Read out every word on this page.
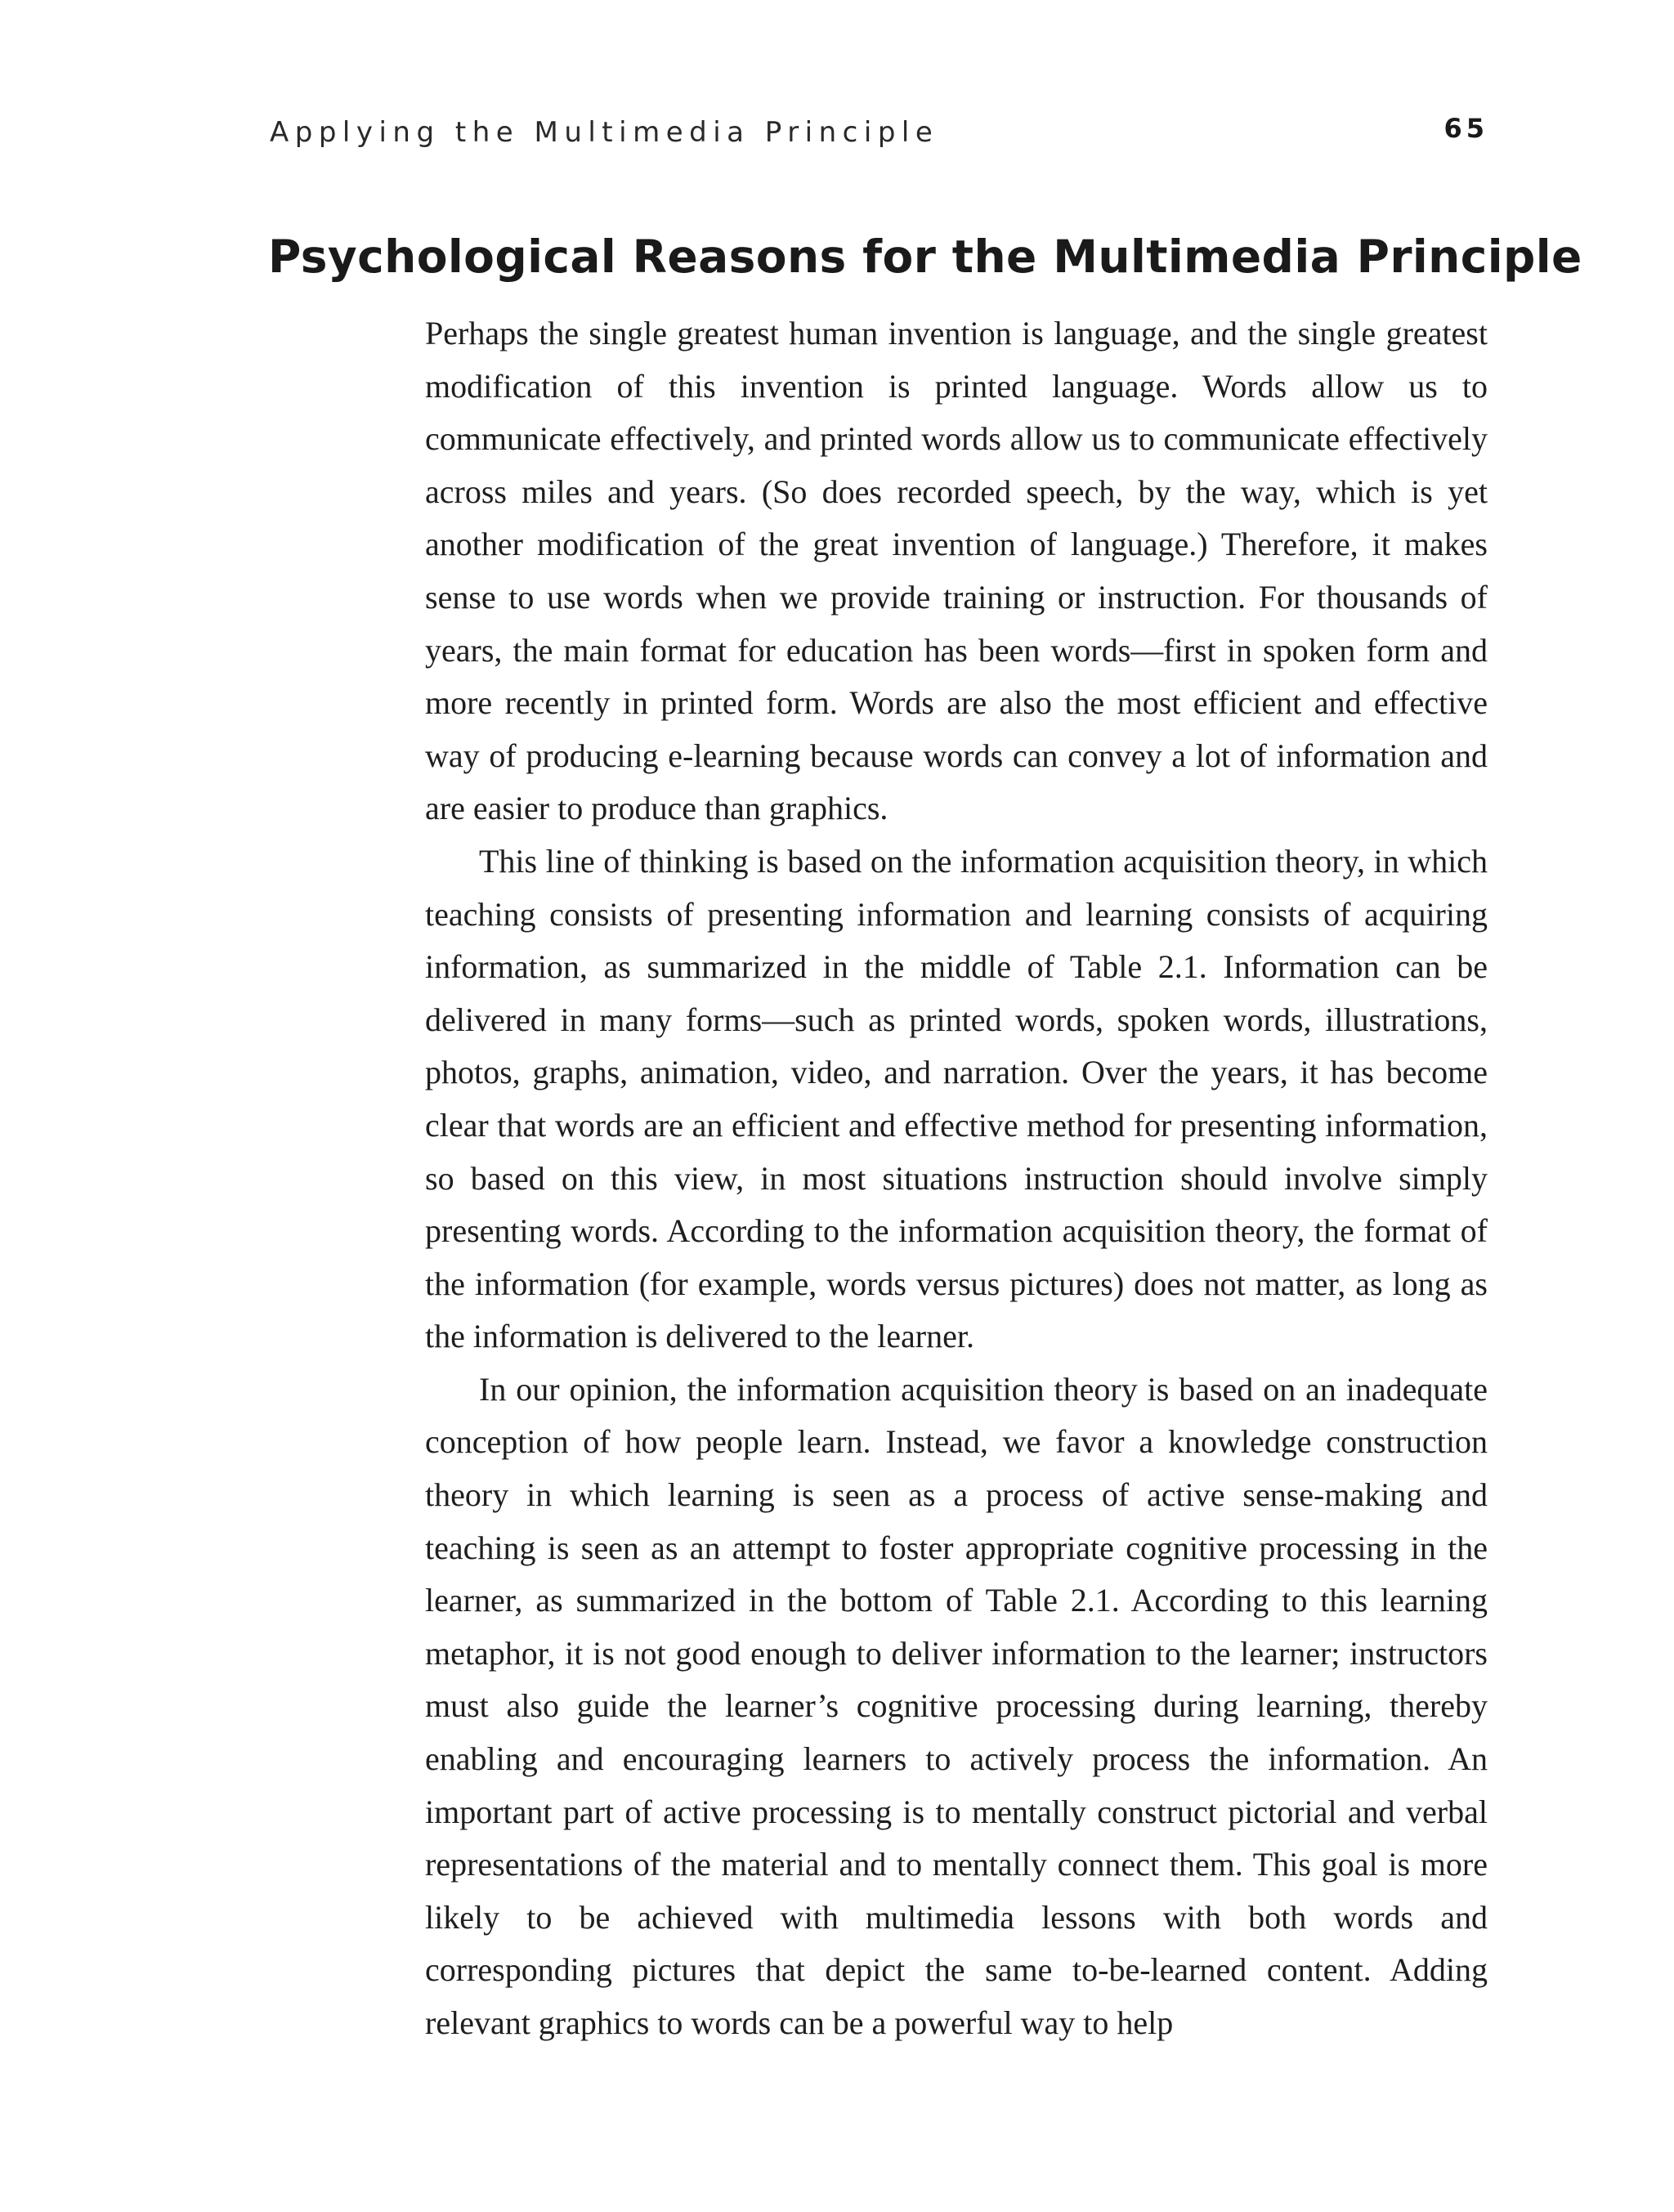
Applying the Multimedia Principle	65
Psychological Reasons for the Multimedia Principle

Perhaps the single greatest human invention is language, and the single greatest modification of this invention is printed language. Words allow us to communicate effectively, and printed words allow us to communicate effectively across miles and years. (So does recorded speech, by the way, which is yet another modification of the great invention of language.) Therefore, it makes sense to use words when we provide training or instruction. For thousands of years, the main format for education has been words—first in spoken form and more recently in printed form. Words are also the most efficient and effective way of producing e-learning because words can convey a lot of information and are easier to produce than graphics.

This line of thinking is based on the information acquisition theory, in which teaching consists of presenting information and learning consists of acquiring information, as summarized in the middle of Table 2.1. Information can be delivered in many forms—such as printed words, spoken words, illustrations, photos, graphs, animation, video, and narration. Over the years, it has become clear that words are an efficient and effective method for presenting information, so based on this view, in most situations instruction should involve simply presenting words. According to the information acquisition theory, the format of the information (for example, words versus pictures) does not matter, as long as the information is delivered to the learner.

In our opinion, the information acquisition theory is based on an inadequate conception of how people learn. Instead, we favor a knowledge construction theory in which learning is seen as a process of active sense-making and teaching is seen as an attempt to foster appropriate cognitive processing in the learner, as summarized in the bottom of Table 2.1. According to this learning metaphor, it is not good enough to deliver information to the learner; instructors must also guide the learner’s cognitive processing during learning, thereby enabling and encouraging learners to actively process the information. An important part of active processing is to mentally construct pictorial and verbal representations of the material and to mentally connect them. This goal is more likely to be achieved with multimedia lessons with both words and corresponding pictures that depict the same to-be-learned content. Adding relevant graphics to words can be a powerful way to help
